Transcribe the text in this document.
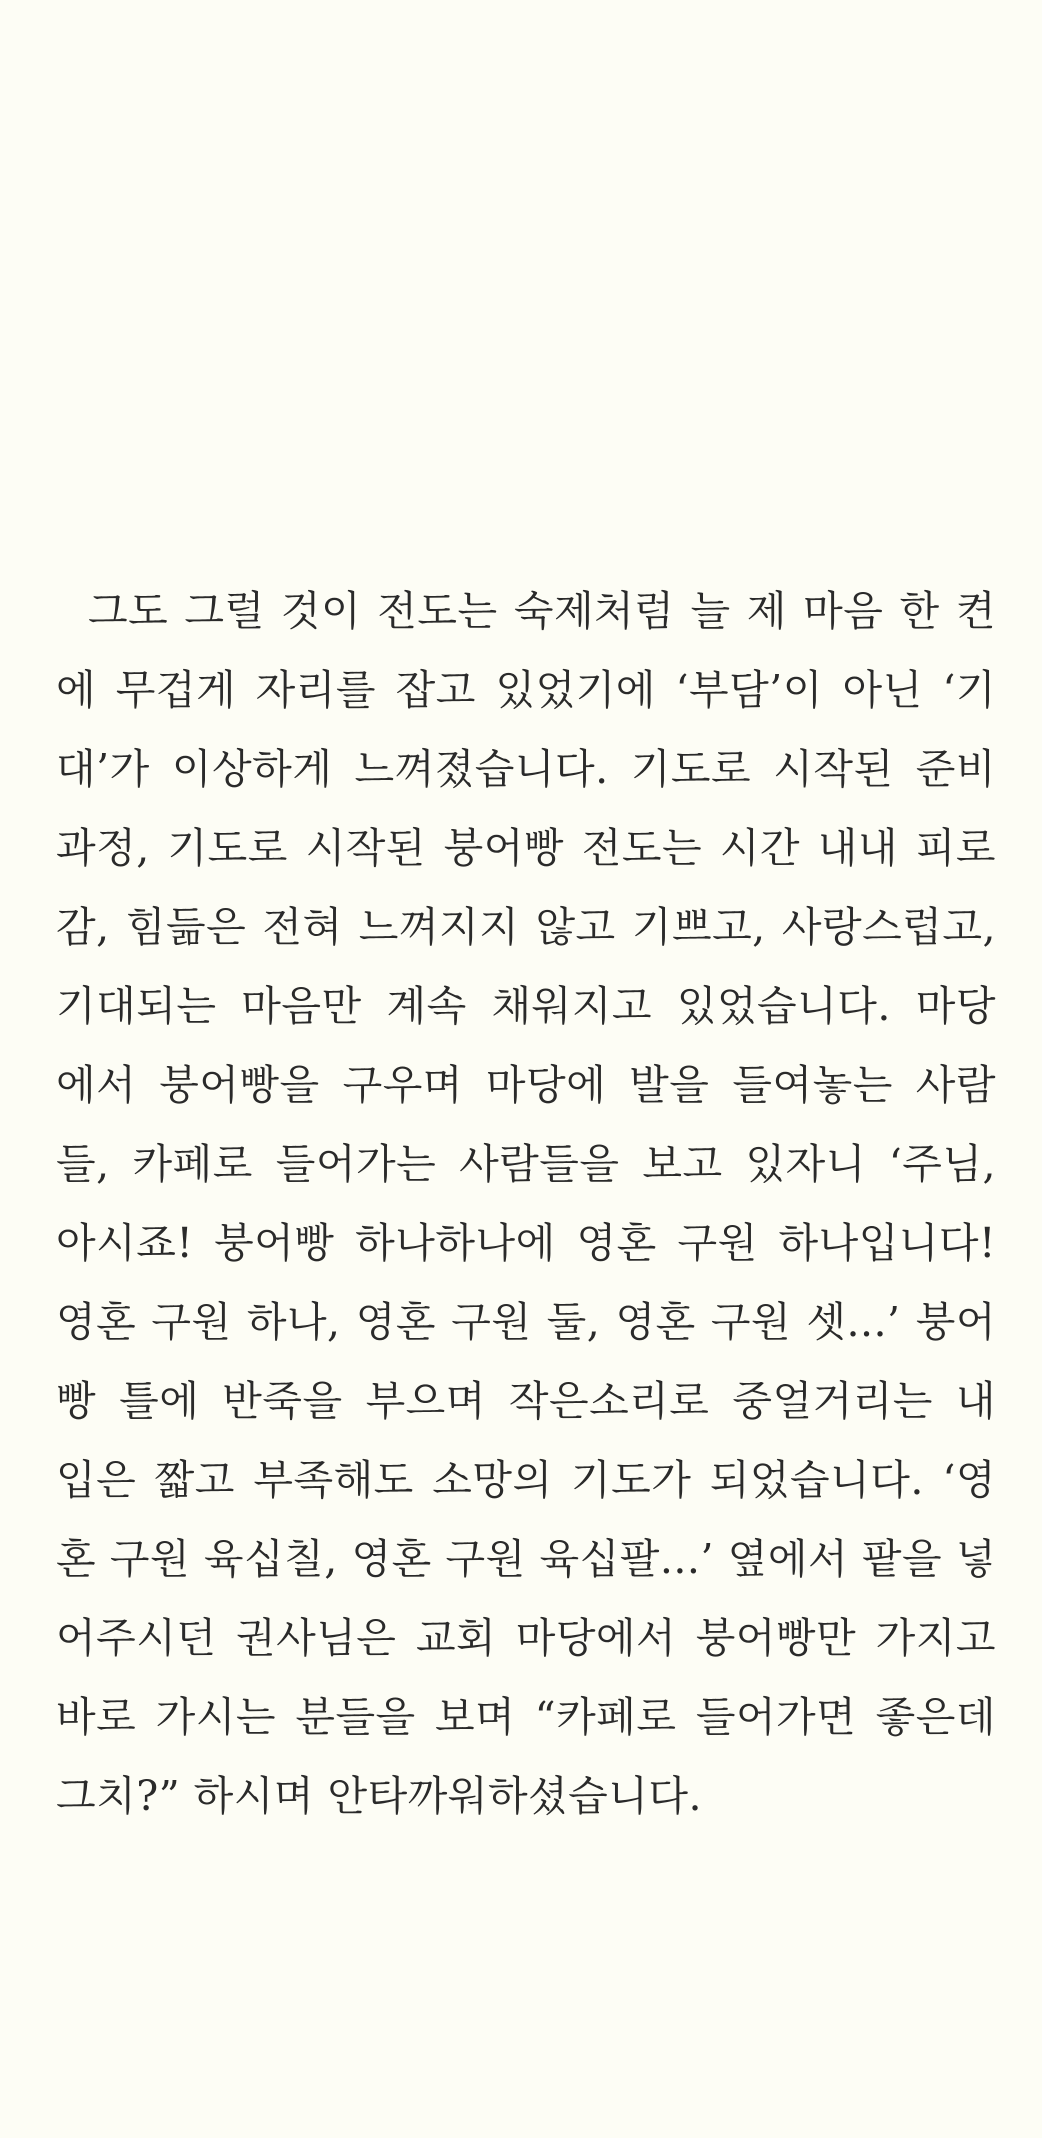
그도 그럴 것이 전도는 숙제처럼 늘 제 마음 한 켠
에 무겁게 자리를 잡고 있었기에 ‘부담’이 아닌 ‘기
대’가 이상하게 느껴졌습니다. 기도로 시작된 준비
과정, 기도로 시작된 붕어빵 전도는 시간 내내 피로
감, 힘듦은 전혀 느껴지지 않고 기쁘고, 사랑스럽고,
기대되는 마음만 계속 채워지고 있었습니다. 마당
에서 붕어빵을 구우며 마당에 발을 들여놓는 사람
들, 카페로 들어가는 사람들을 보고 있자니 ‘주님,
아시죠! 붕어빵 하나하나에 영혼 구원 하나입니다!
영혼 구원 하나, 영혼 구원 둘, 영혼 구원 셋...’ 붕어
빵 틀에 반죽을 부으며 작은소리로 중얼거리는 내
입은 짧고 부족해도 소망의 기도가 되었습니다. ‘영
혼 구원 육십칠, 영혼 구원 육십팔...’ 옆에서 팥을 넣
어주시던 권사님은 교회 마당에서 붕어빵만 가지고
바로 가시는 분들을 보며 “카페로 들어가면 좋은데
그치?” 하시며 안타까워하셨습니다.
